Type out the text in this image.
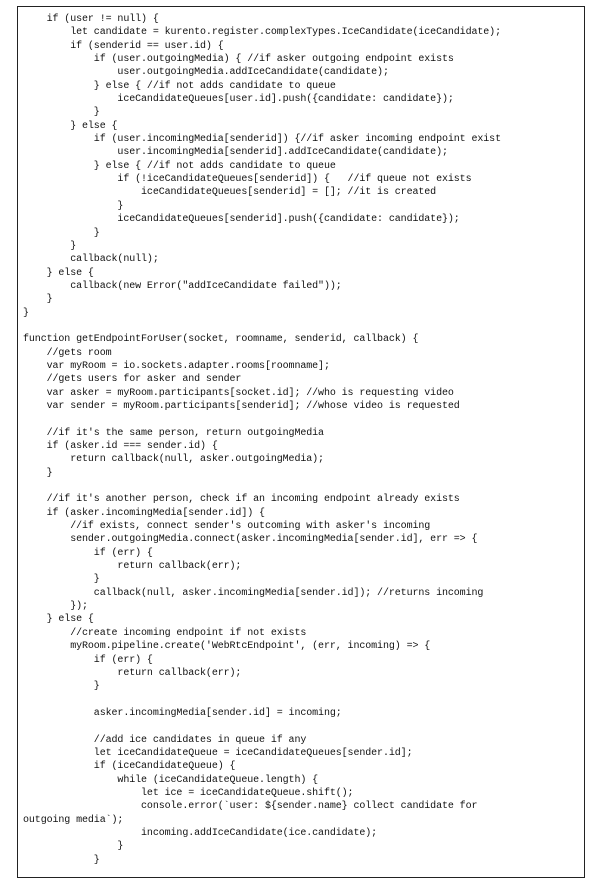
if (user != null) {
let candidate = kurento.register.complexTypes.IceCandidate(iceCandidate);
if (senderid == user.id) {
if (user.outgoingMedia) { //if asker outgoing endpoint exists
user.outgoingMedia.addIceCandidate(candidate);
} else { //if not adds candidate to queue
iceCandidateQueues[user.id].push({candidate: candidate});
}
} else {
if (user.incomingMedia[senderid]) {//if asker incoming endpoint exist
user.incomingMedia[senderid].addIceCandidate(candidate);
} else { //if not adds candidate to queue
if (!iceCandidateQueues[senderid]) {   //if queue not exists
iceCandidateQueues[senderid] = []; //it is created
}
iceCandidateQueues[senderid].push({candidate: candidate});
}
}
callback(null);
} else {
callback(new Error("addIceCandidate failed"));
}
}
function getEndpointForUser(socket, roomname, senderid, callback) {
//gets room
var myRoom = io.sockets.adapter.rooms[roomname];
//gets users for asker and sender
var asker = myRoom.participants[socket.id]; //who is requesting video
var sender = myRoom.participants[senderid]; //whose video is requested
//if it's the same person, return outgoingMedia
if (asker.id === sender.id) {
return callback(null, asker.outgoingMedia);
}
//if it's another person, check if an incoming endpoint already exists
if (asker.incomingMedia[sender.id]) {
//if exists, connect sender's outcoming with asker's incoming
sender.outgoingMedia.connect(asker.incomingMedia[sender.id], err => {
if (err) {
return callback(err);
}
callback(null, asker.incomingMedia[sender.id]); //returns incoming
});
} else {
//create incoming endpoint if not exists
myRoom.pipeline.create('WebRtcEndpoint', (err, incoming) => {
if (err) {
return callback(err);
}
asker.incomingMedia[sender.id] = incoming;
//add ice candidates in queue if any
let iceCandidateQueue = iceCandidateQueues[sender.id];
if (iceCandidateQueue) {
while (iceCandidateQueue.length) {
let ice = iceCandidateQueue.shift();
console.error(`user: ${sender.name} collect candidate for
outgoing media`);
incoming.addIceCandidate(ice.candidate);
}
}
